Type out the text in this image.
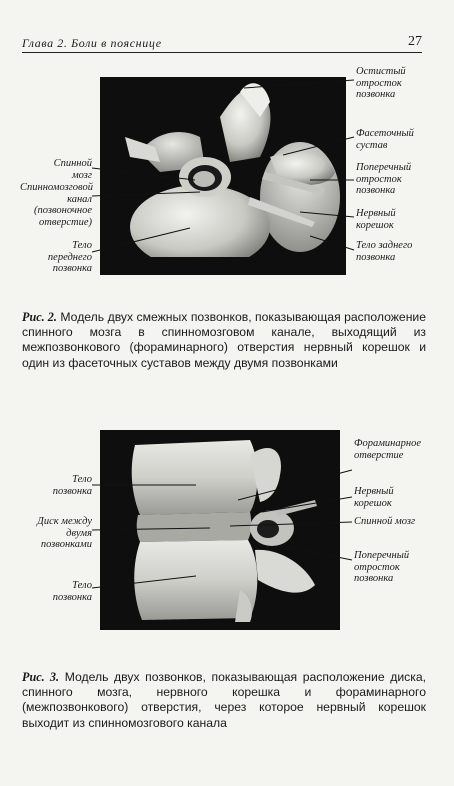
Глава 2. Боли в пояснице	27
Спинной мозг
Спинномозговой канал (позвоночное отверстие)
Тело переднего позвонка
Остистый отросток позвонка
Фасеточный сустав
Поперечный отросток позвонка
Нервный корешок
Тело заднего позвонка
Рис. 2. Модель двух смежных позвонков, показывающая расположение спинного мозга в спинномозговом канале, выходящий из межпозвонкового (фораминарного) отверстия нервный корешок и один из фасеточных суставов между двумя позвонками
Тело позвонка
Диск между двумя позвонками
Тело позвонка
Фораминарное отверстие
Нервный корешок
Спинной мозг
Поперечный отросток позвонка
Рис. 3. Модель двух позвонков, показывающая расположение диска, спинного мозга, нервного корешка и фораминарного (межпозвонкового) отверстия, через которое нервный корешок выходит из спинномозгового канала
